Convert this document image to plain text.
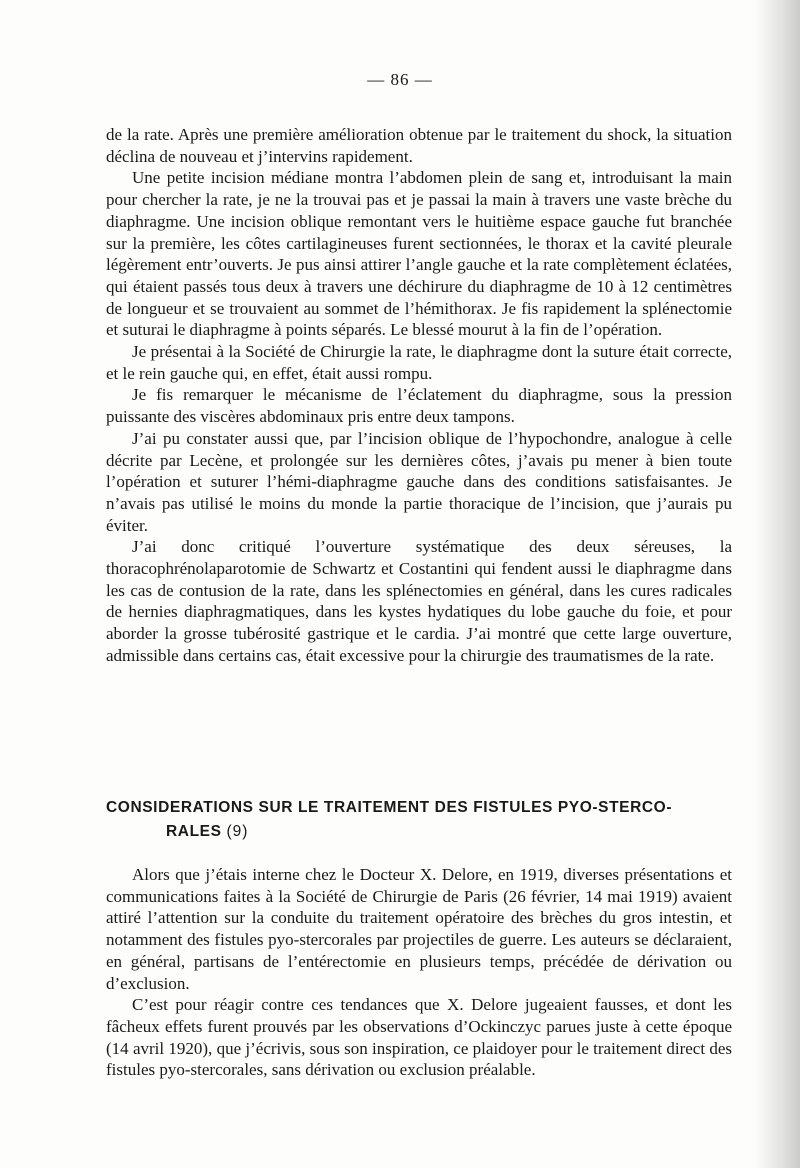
— 86 —

de la rate. Après une première amélioration obtenue par le traitement du shock, la situation déclina de nouveau et j’intervins rapidement.

Une petite incision médiane montra l’abdomen plein de sang et, introduisant la main pour chercher la rate, je ne la trouvai pas et je passai la main à travers une vaste brèche du diaphragme. Une incision oblique remontant vers le huitième espace gauche fut branchée sur la première, les côtes cartilagineuses furent sectionnées, le thorax et la cavité pleurale légèrement entr’ouverts. Je pus ainsi attirer l’angle gauche et la rate complètement éclatées, qui étaient passés tous deux à travers une déchirure du diaphragme de 10 à 12 centimètres de longueur et se trouvaient au sommet de l’hémithorax. Je fis rapidement la splénectomie et suturai le diaphragme à points séparés. Le blessé mourut à la fin de l’opération.

Je présentai à la Société de Chirurgie la rate, le diaphragme dont la suture était correcte, et le rein gauche qui, en effet, était aussi rompu.

Je fis remarquer le mécanisme de l’éclatement du diaphragme, sous la pression puissante des viscères abdominaux pris entre deux tampons.

J’ai pu constater aussi que, par l’incision oblique de l’hypochondre, analogue à celle décrite par Lecène, et prolongée sur les dernières côtes, j’avais pu mener à bien toute l’opération et suturer l’hémi-diaphragme gauche dans des conditions satisfaisantes. Je n’avais pas utilisé le moins du monde la partie thoracique de l’incision, que j’aurais pu éviter.

J’ai donc critiqué l’ouverture systématique des deux séreuses, la thoracophrénolaparotomie de Schwartz et Costantini qui fendent aussi le diaphragme dans les cas de contusion de la rate, dans les splénectomies en général, dans les cures radicales de hernies diaphragmatiques, dans les kystes hydatiques du lobe gauche du foie, et pour aborder la grosse tubérosité gastrique et le cardia. J’ai montré que cette large ouverture, admissible dans certains cas, était excessive pour la chirurgie des traumatismes de la rate.

CONSIDERATIONS SUR LE TRAITEMENT DES FISTULES PYO-STERCO-
RALES (9)

Alors que j’étais interne chez le Docteur X. Delore, en 1919, diverses présentations et communications faites à la Société de Chirurgie de Paris (26 février, 14 mai 1919) avaient attiré l’attention sur la conduite du traitement opératoire des brèches du gros intestin, et notamment des fistules pyo-stercorales par projectiles de guerre. Les auteurs se déclaraient, en général, partisans de l’entérectomie en plusieurs temps, précédée de dérivation ou d’exclusion.

C’est pour réagir contre ces tendances que X. Delore jugeaient fausses, et dont les fâcheux effets furent prouvés par les observations d’Ockinczyc parues juste à cette époque (14 avril 1920), que j’écrivis, sous son inspiration, ce plaidoyer pour le traitement direct des fistules pyo-stercorales, sans dérivation ou exclusion préalable.
